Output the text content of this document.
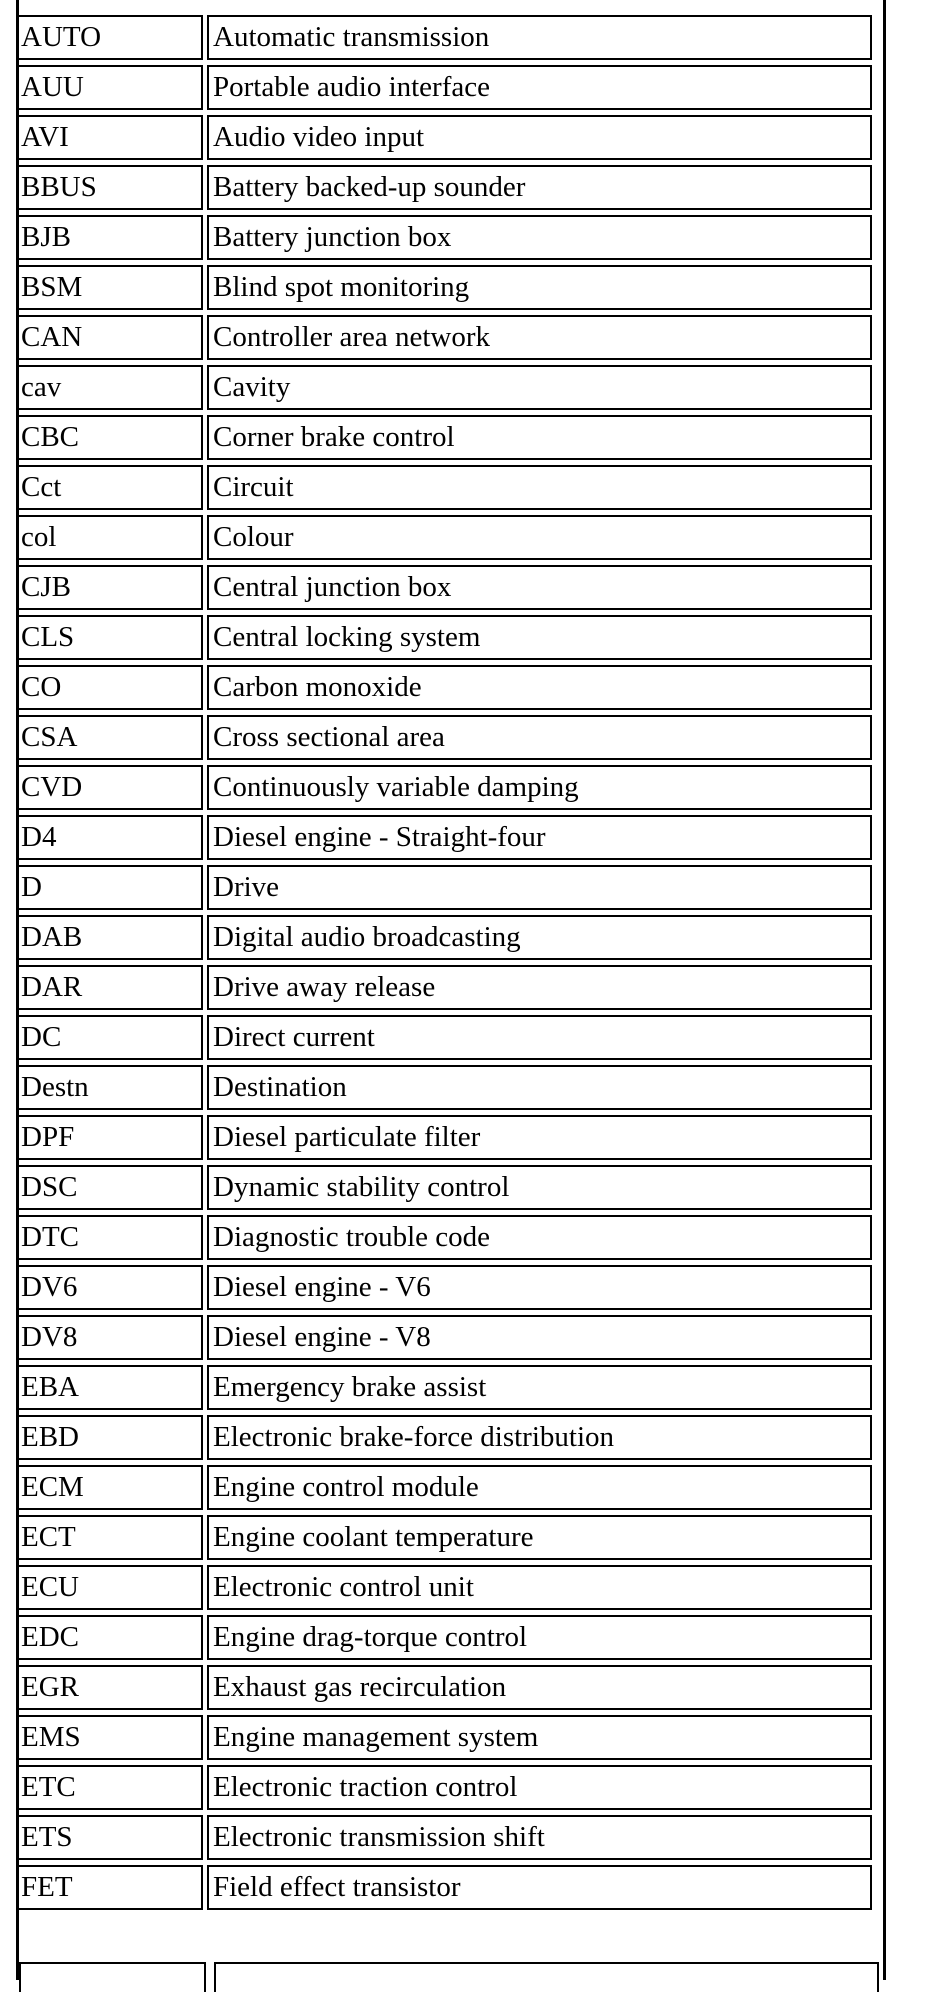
AUTO		Automatic transmission
AUU		Portable audio interface
AVI		Audio video input
BBUS		Battery backed-up sounder
BJB		Battery junction box
BSM		Blind spot monitoring
CAN		Controller area network
cav		Cavity
CBC		Corner brake control
Cct		Circuit
col		Colour
CJB		Central junction box
CLS		Central locking system
CO		Carbon monoxide
CSA		Cross sectional area
CVD		Continuously variable damping
D4		Diesel engine - Straight-four
D		Drive
DAB		Digital audio broadcasting
DAR		Drive away release
DC		Direct current
Destn		Destination
DPF		Diesel particulate filter
DSC		Dynamic stability control
DTC		Diagnostic trouble code
DV6		Diesel engine - V6
DV8		Diesel engine - V8
EBA		Emergency brake assist
EBD		Electronic brake-force distribution
ECM		Engine control module
ECT		Engine coolant temperature
ECU		Electronic control unit
EDC		Engine drag-torque control
EGR		Exhaust gas recirculation
EMS		Engine management system
ETC		Electronic traction control
ETS		Electronic transmission shift
FET		Field effect transistor
